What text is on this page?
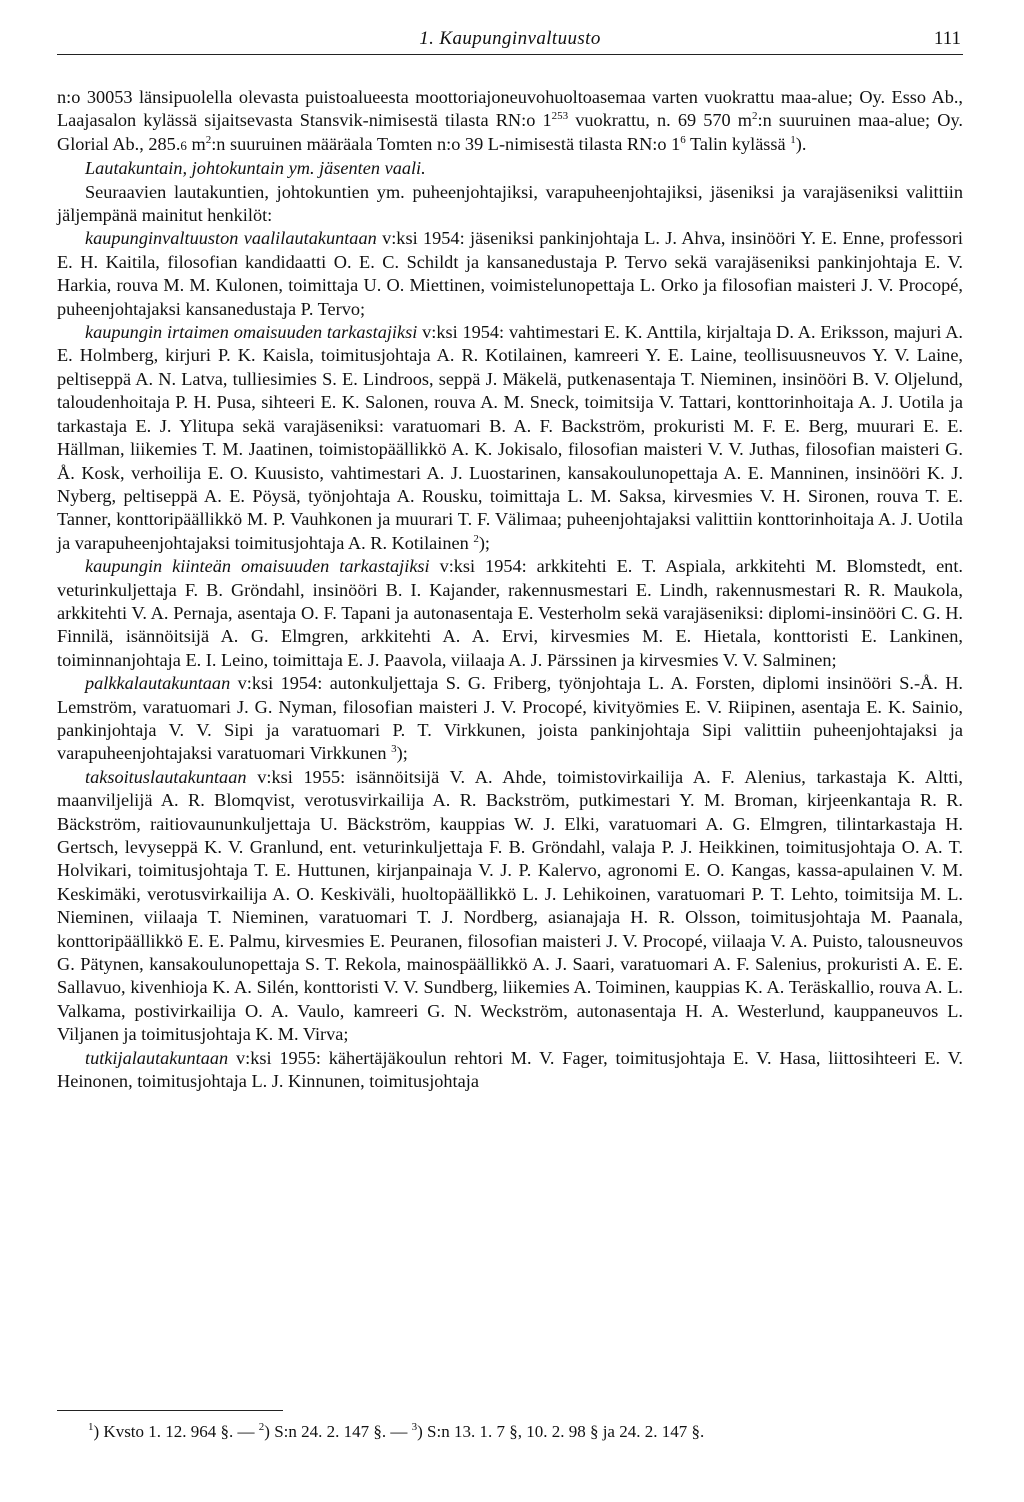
1. Kaupunginvaltuusto	111

n:o 30053 länsipuolella olevasta puistoalueesta moottoriajoneuvohuoltoasemaa varten vuokrattu maa-alue; Oy. Esso Ab., Laajasalon kylässä sijaitsevasta Stansvik-nimisestä tilasta RN:o $1^{253}$ vuokrattu, n. 69 570 $m^2:n$ suuruinen maa-alue; Oy. Glorial Ab., 285.6 $m^2:n$ suuruinen määräala Tomten n:o 39 L-nimisestä tilasta RN:o $1^6$ Talin kylässä $^1$).

Lautakuntain, johtokuntain ym. jäsenten vaali.

Seuraavien lautakuntien, johtokuntien ym. puheenjohtajiksi, varapuheenjohtajiksi, jäseniksi ja varajäseniksi valittiin jäljempänä mainitut henkilöt:

kaupunginvaltuuston vaalilautakuntaan v:ksi 1954: jäseniksi pankinjohtaja L. J. Ahva, insinööri Y. E. Enne, professori E. H. Kaitila, filosofian kandidaatti O. E. C. Schildt ja kansanedustaja P. Tervo sekä varajäseniksi pankinjohtaja E. V. Harkia, rouva M. M. Kulonen, toimittaja U. O. Miettinen, voimistelunopettaja L. Orko ja filosofian maisteri J. V. Procopé, puheenjohtajaksi kansanedustaja P. Tervo;

kaupungin irtaimen omaisuuden tarkastajiksi v:ksi 1954: vahtimestari E. K. Anttila, kirjaltaja D. A. Eriksson, majuri A. E. Holmberg, kirjuri P. K. Kaisla, toimitusjohtaja A. R. Kotilainen, kamreeri Y. E. Laine, teollisuusneuvos Y. V. Laine, peltiseppä A. N. Latva, tulliesimies S. E. Lindroos, seppä J. Mäkelä, putkenasentaja T. Nieminen, insinööri B. V. Oljelund, taloudenhoitaja P. H. Pusa, sihteeri E. K. Salonen, rouva A. M. Sneck, toimitsija V. Tattari, konttorinhoitaja A. J. Uotila ja tarkastaja E. J. Ylitupa sekä varajäseniksi: varatuomari B. A. F. Backström, prokuristi M. F. E. Berg, muurari E. E. Hällman, liikemies T. M. Jaatinen, toimistopäällikkö A. K. Jokisalo, filosofian maisteri V. V. Juthas, filosofian maisteri G. Å. Kosk, verhoilija E. O. Kuusisto, vahtimestari A. J. Luostarinen, kansakoulunopettaja A. E. Manninen, insinööri K. J. Nyberg, peltiseppä A. E. Pöysä, työnjohtaja A. Rousku, toimittaja L. M. Saksa, kirvesmies V. H. Sironen, rouva T. E. Tanner, konttoripäällikkö M. P. Vauhkonen ja muurari T. F. Välimaa; puheenjohtajaksi valittiin konttorinhoitaja A. J. Uotila ja varapuheenjohtajaksi toimitusjohtaja A. R. Kotilainen $^2$);

kaupungin kiinteän omaisuuden tarkastajiksi v:ksi 1954: arkkitehti E. T. Aspiala, arkkitehti M. Blomstedt, ent. veturinkuljettaja F. B. Gröndahl, insinööri B. I. Kajander, rakennusmestari E. Lindh, rakennusmestari R. R. Maukola, arkkitehti V. A. Pernaja, asentaja O. F. Tapani ja autonasentaja E. Vesterholm sekä varajäseniksi: diplomi-insinööri C. G. H. Finnilä, isännöitsijä A. G. Elmgren, arkkitehti A. A. Ervi, kirvesmies M. E. Hietala, konttoristi E. Lankinen, toiminnanjohtaja E. I. Leino, toimittaja E. J. Paavola, viilaaja A. J. Pärssinen ja kirvesmies V. V. Salminen;

palkkalautakuntaan v:ksi 1954: autonkuljettaja S. G. Friberg, työnjohtaja L. A. Forsten, diplomi insinööri S.-Å. H. Lemström, varatuomari J. G. Nyman, filosofian maisteri J. V. Procopé, kivityömies E. V. Riipinen, asentaja E. K. Sainio, pankinjohtaja V. V. Sipi ja varatuomari P. T. Virkkunen, joista pankinjohtaja Sipi valittiin puheenjohtajaksi ja varapuheenjohtajaksi varatuomari Virkkunen $^3$);

taksoituslautakuntaan v:ksi 1955: isännöitsijä V. A. Ahde, toimistovirkailija A. F. Alenius, tarkastaja K. Altti, maanviljelijä A. R. Blomqvist, verotusvirkailija A. R. Backström, putkimestari Y. M. Broman, kirjeenkantaja R. R. Bäckström, raitiovaununkuljettaja U. Bäckström, kauppias W. J. Elki, varatuomari A. G. Elmgren, tilintarkastaja H. Gertsch, levyseppä K. V. Granlund, ent. veturinkuljettaja F. B. Gröndahl, valaja P. J. Heikkinen, toimitusjohtaja O. A. T. Holvikari, toimitusjohtaja T. E. Huttunen, kirjanpainaja V. J. P. Kalervo, agronomi E. O. Kangas, kassa-apulainen V. M. Keskimäki, verotusvirkailija A. O. Keskiväli, huoltopäällikkö L. J. Lehikoinen, varatuomari P. T. Lehto, toimitsija M. L. Nieminen, viilaaja T. Nieminen, varatuomari T. J. Nordberg, asianajaja H. R. Olsson, toimitusjohtaja M. Paanala, konttoripäällikkö E. E. Palmu, kirvesmies E. Peuranen, filosofian maisteri J. V. Procopé, viilaaja V. A. Puisto, talousneuvos G. Pätynen, kansakoulunopettaja S. T. Rekola, mainospäällikkö A. J. Saari, varatuomari A. F. Salenius, prokuristi A. E. E. Sallavuo, kivenhioja K. A. Silén, konttoristi V. V. Sundberg, liikemies A. Toiminen, kauppias K. A. Teräskallio, rouva A. L. Valkama, postivirkailija O. A. Vaulo, kamreeri G. N. Weckström, autonasentaja H. A. Westerlund, kauppaneuvos L. Viljanen ja toimitusjohtaja K. M. Virva;

tutkijalautakuntaan v:ksi 1955: kähertäjäkoulun rehtori M. V. Fager, toimitusjohtaja E. V. Hasa, liittosihteeri E. V. Heinonen, toimitusjohtaja L. J. Kinnunen, toimitusjohtaja

$^1$) Kvsto 1. 12. 964 §. — $^2$) S:n 24. 2. 147 §. — $^3$) S:n 13. 1. 7 §, 10. 2. 98 § ja 24. 2. 147 §.
